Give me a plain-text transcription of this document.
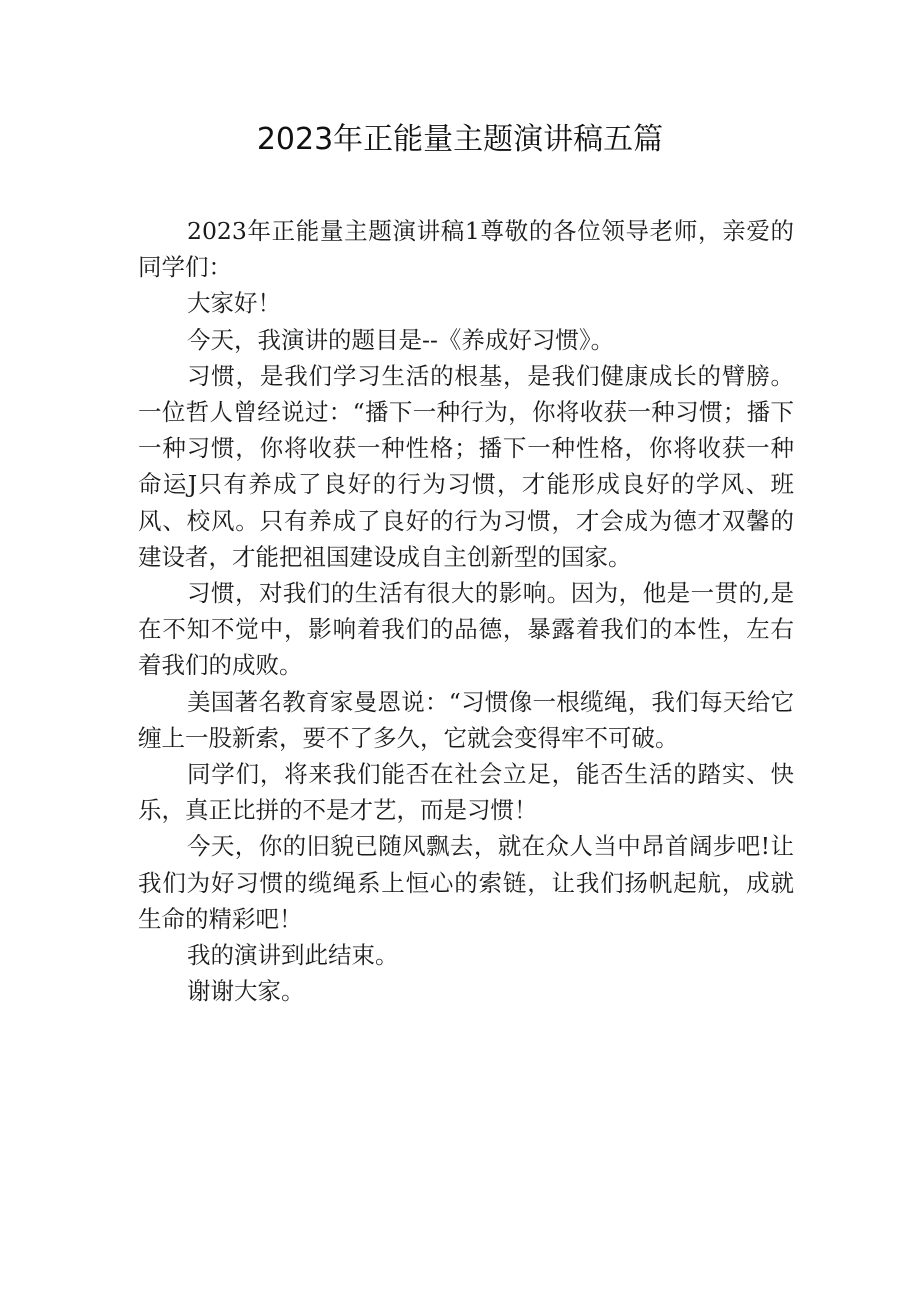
2023年正能量主题演讲稿五篇

2023年正能量主题演讲稿1尊敬的各位领导老师，亲爱的同学们：

大家好！

今天，我演讲的题目是--《养成好习惯》。

习惯，是我们学习生活的根基，是我们健康成长的臂膀。一位哲人曾经说过：“播下一种行为，你将收获一种习惯；播下一种习惯，你将收获一种性格；播下一种性格，你将收获一种命运J只有养成了良好的行为习惯，才能形成良好的学风、班风、校风。只有养成了良好的行为习惯，才会成为德才双馨的建设者，才能把祖国建设成自主创新型的国家。

习惯，对我们的生活有很大的影响。因为，他是一贯的,是在不知不觉中，影响着我们的品德，暴露着我们的本性，左右着我们的成败。

美国著名教育家曼恩说：“习惯像一根缆绳，我们每天给它缠上一股新索，要不了多久，它就会变得牢不可破。

同学们，将来我们能否在社会立足，能否生活的踏实、快乐，真正比拼的不是才艺，而是习惯！

今天，你的旧貌已随风飘去，就在众人当中昂首阔步吧!让我们为好习惯的缆绳系上恒心的索链，让我们扬帆起航，成就生命的精彩吧！

我的演讲到此结束。

谢谢大家。
